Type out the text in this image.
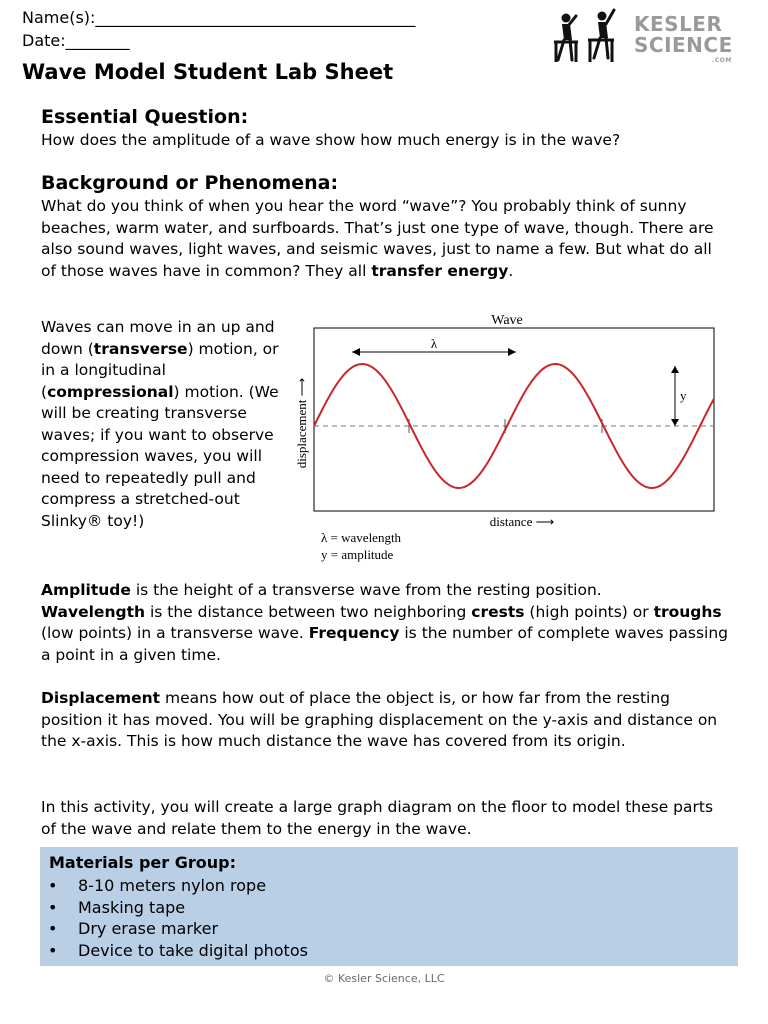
Name(s):________________________________________
Date:________
KESLER
SCIENCE
.COM
Wave Model Student Lab Sheet
Essential Question:
How does the amplitude of a wave show how much energy is in the wave?
Background or Phenomena:
What do you think of when you hear the word “wave”? You probably think of sunny beaches, warm water, and surfboards. That’s just one type of wave, though. There are also sound waves, light waves, and seismic waves, just to name a few. But what do all of those waves have in common? They all transfer energy.
Waves can move in an up and down (transverse) motion, or in a longitudinal (compressional) motion. (We will be creating transverse waves; if you want to observe compression waves, you will need to repeatedly pull and compress a stretched-out Slinky® toy!)
Wave
λ
y
displacement ⟶
distance ⟶
λ = wavelength
y = amplitude
Amplitude is the height of a transverse wave from the resting position.
Wavelength is the distance between two neighboring crests (high points) or troughs (low points) in a transverse wave. Frequency is the number of complete waves passing a point in a given time.
Displacement means how out of place the object is, or how far from the resting position it has moved. You will be graphing displacement on the y-axis and distance on the x-axis. This is how much distance the wave has covered from its origin.
In this activity, you will create a large graph diagram on the floor to model these parts of the wave and relate them to the energy in the wave.
Materials per Group:
• 8-10 meters nylon rope
• Masking tape
• Dry erase marker
• Device to take digital photos
© Kesler Science, LLC
